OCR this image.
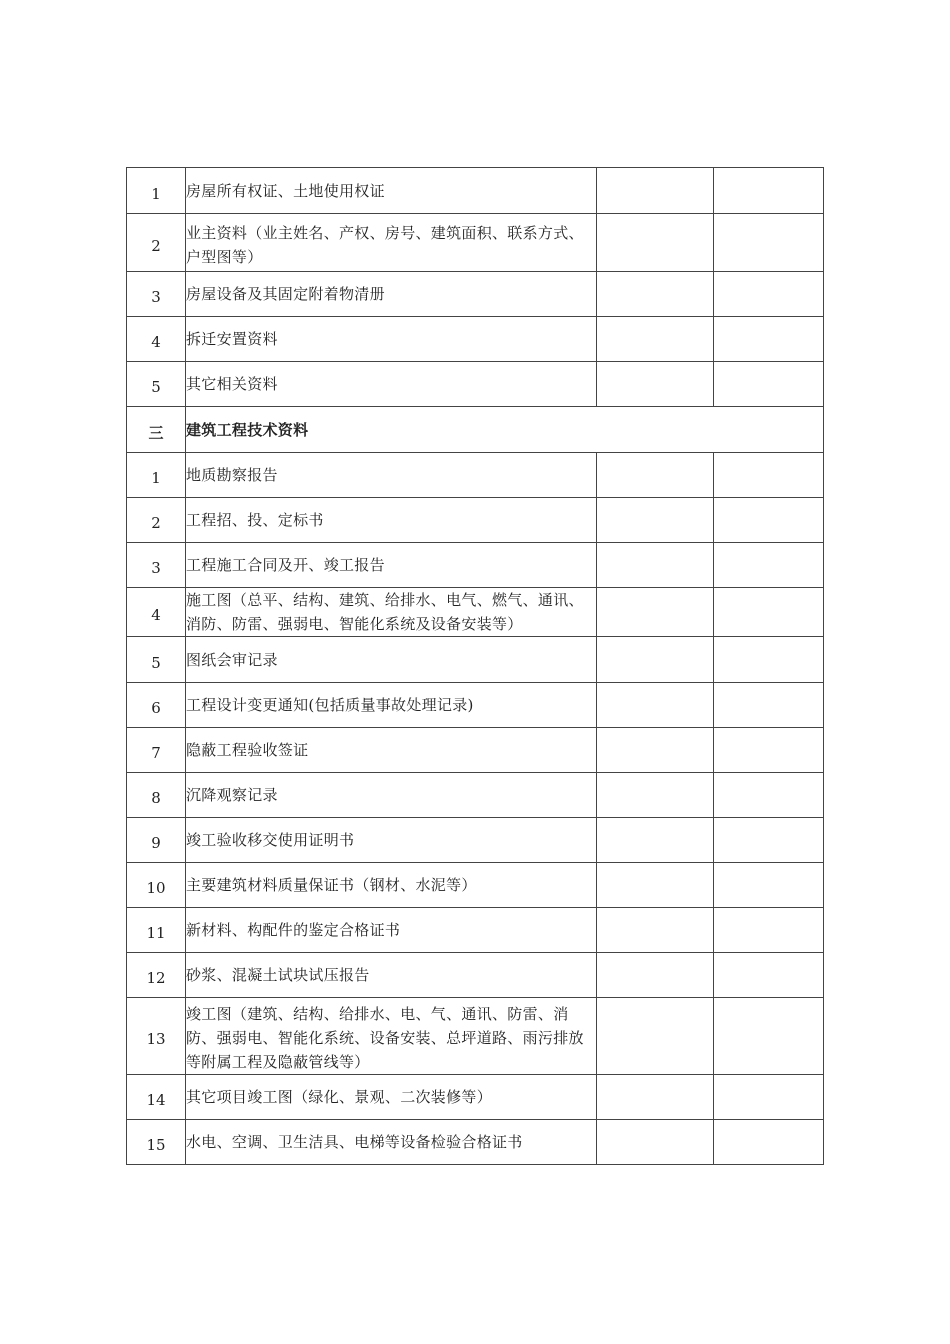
1	房屋所有权证、土地使用权证		

2	业主资料（业主姓名、产权、房号、建筑面积、联系方式、户型图等）		

3	房屋设备及其固定附着物清册		

4	拆迁安置资料		

5	其它相关资料		

三	建筑工程技术资料		

1	地质勘察报告		

2	工程招、投、定标书		

3	工程施工合同及开、竣工报告		

4	施工图（总平、结构、建筑、给排水、电气、燃气、通讯、消防、防雷、强弱电、智能化系统及设备安装等）		

5	图纸会审记录		

6	工程设计变更通知(包括质量事故处理记录)		

7	隐蔽工程验收签证		

8	沉降观察记录		

9	竣工验收移交使用证明书		

10	主要建筑材料质量保证书（钢材、水泥等）		

11	新材料、构配件的鉴定合格证书		

12	砂浆、混凝土试块试压报告		

13	竣工图（建筑、结构、给排水、电、气、通讯、防雷、消防、强弱电、智能化系统、设备安装、总坪道路、雨污排放等附属工程及隐蔽管线等）		

14	其它项目竣工图（绿化、景观、二次装修等）		

15	水电、空调、卫生洁具、电梯等设备检验合格证书		
